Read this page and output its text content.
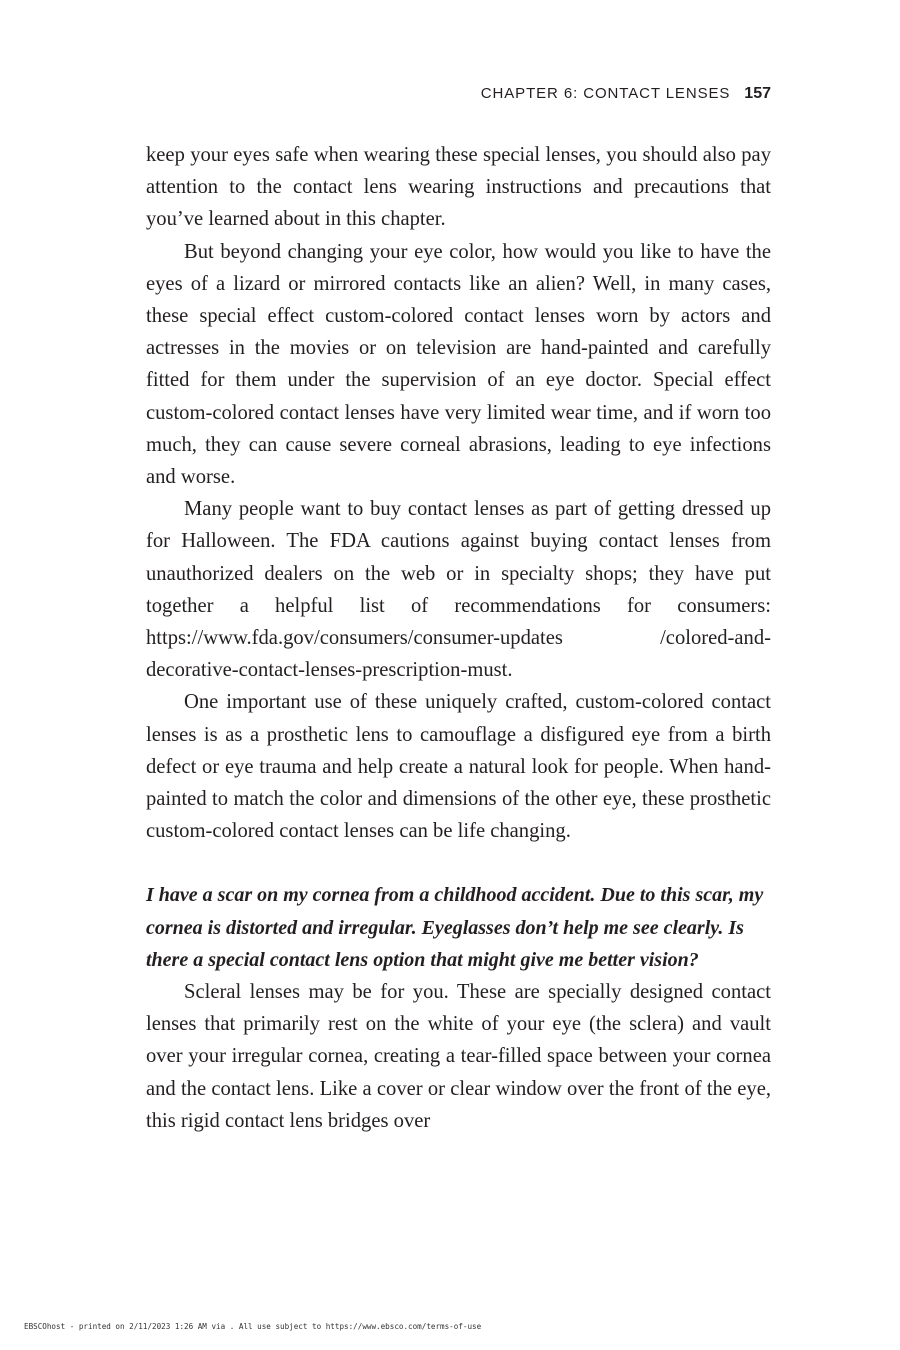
CHAPTER 6: CONTACT LENSES 157

keep your eyes safe when wearing these special lenses, you should also pay attention to the contact lens wearing instructions and precautions that you’ve learned about in this chapter.

But beyond changing your eye color, how would you like to have the eyes of a lizard or mirrored contacts like an alien? Well, in many cases, these special effect custom-colored contact lenses worn by actors and actresses in the movies or on television are hand-painted and carefully fitted for them under the supervision of an eye doctor. Special effect custom-colored contact lenses have very limited wear time, and if worn too much, they can cause severe corneal abrasions, leading to eye infections and worse.

Many people want to buy contact lenses as part of getting dressed up for Halloween. The FDA cautions against buying contact lenses from unauthorized dealers on the web or in specialty shops; they have put together a helpful list of recommendations for consumers: https://www.fda.gov/consumers/consumer-updates /colored-and-decorative-contact-lenses-prescription-must.

One important use of these uniquely crafted, custom-colored contact lenses is as a prosthetic lens to camouflage a disfigured eye from a birth defect or eye trauma and help create a natural look for people. When hand-painted to match the color and dimensions of the other eye, these prosthetic custom-colored contact lenses can be life changing.

I have a scar on my cornea from a childhood accident. Due to this scar, my cornea is distorted and irregular. Eyeglasses don’t help me see clearly. Is there a special contact lens option that might give me better vision?

Scleral lenses may be for you. These are specially designed contact lenses that primarily rest on the white of your eye (the sclera) and vault over your irregular cornea, creating a tear-filled space between your cornea and the contact lens. Like a cover or clear window over the front of the eye, this rigid contact lens bridges over

EBSCOhost - printed on 2/11/2023 1:26 AM via . All use subject to https://www.ebsco.com/terms-of-use
